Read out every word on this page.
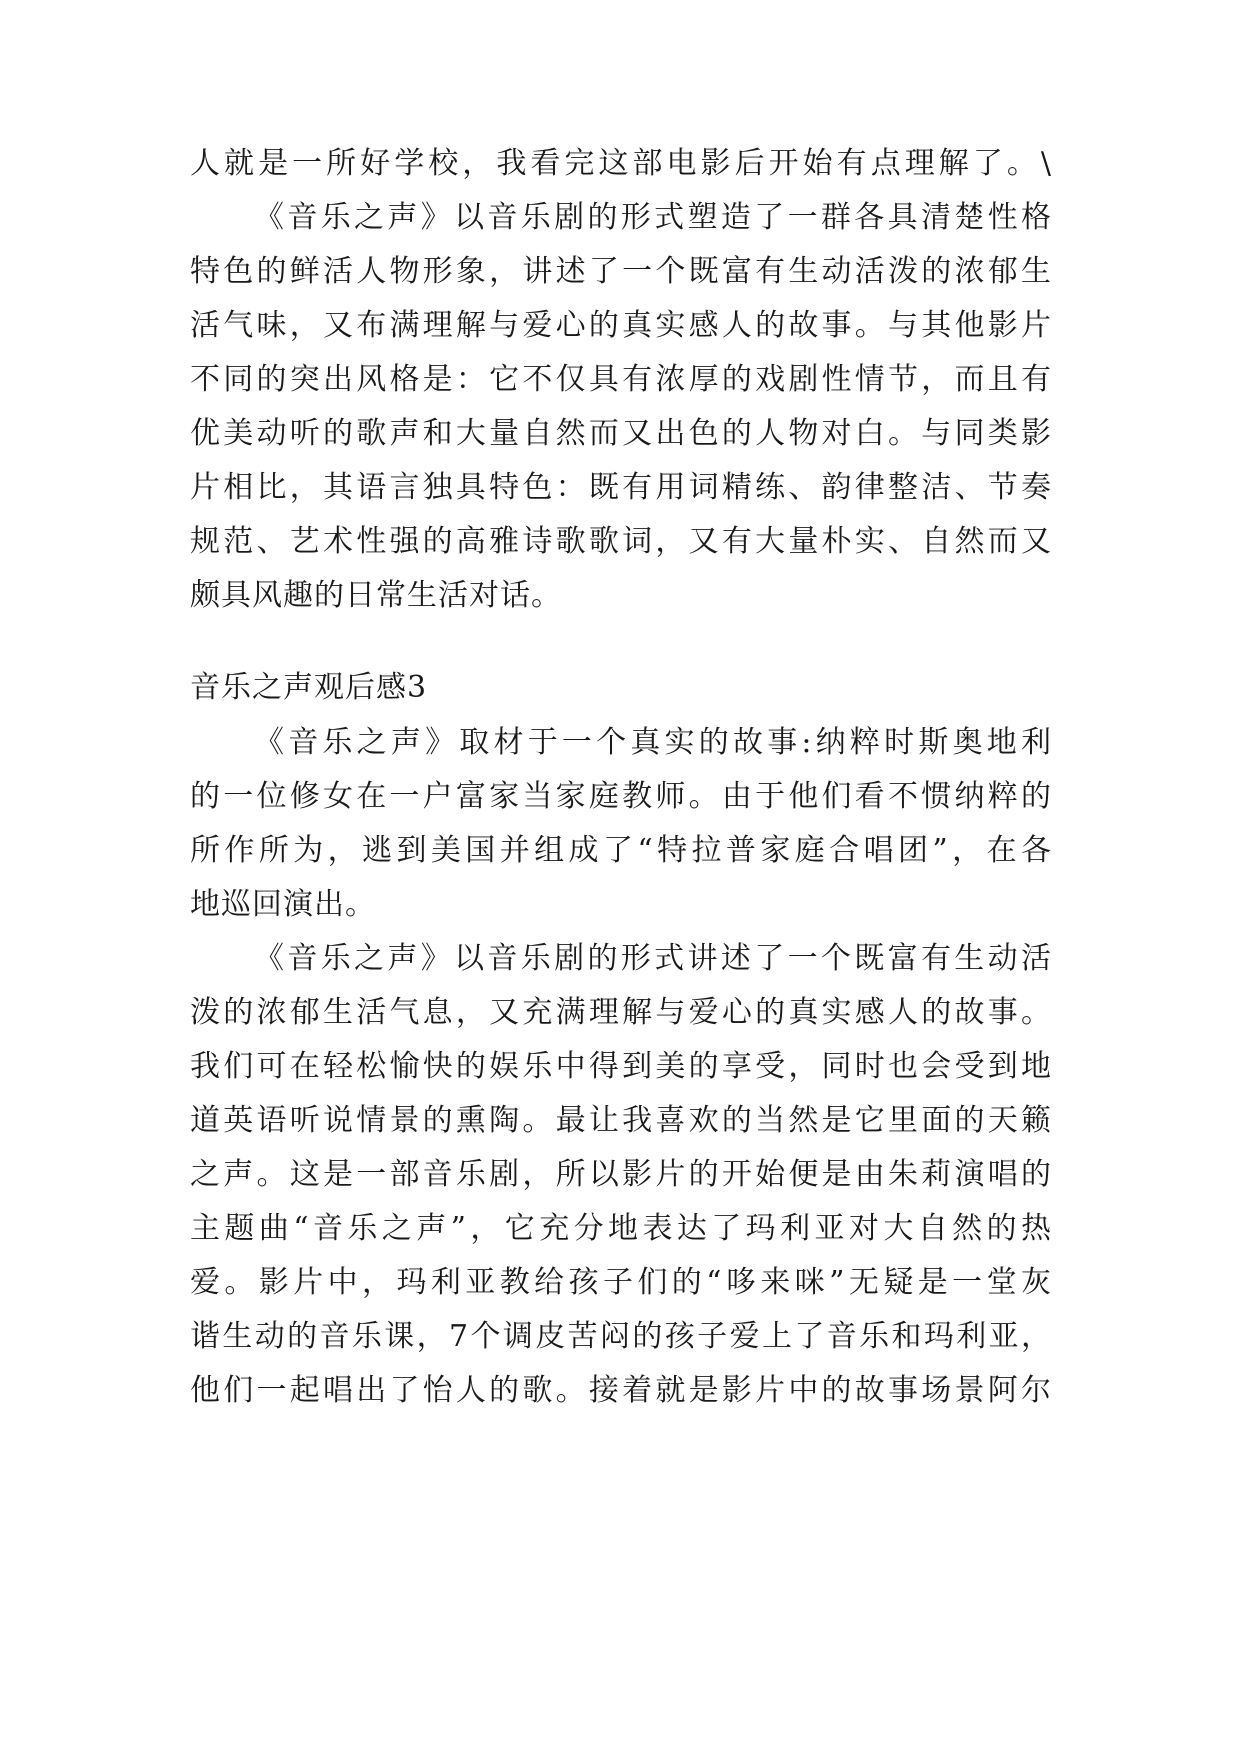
人就是一所好学校，我看完这部电影后开始有点理解了。\
《音乐之声》以音乐剧的形式塑造了一群各具清楚性格
特色的鲜活人物形象，讲述了一个既富有生动活泼的浓郁生
活气味，又布满理解与爱心的真实感人的故事。与其他影片
不同的突出风格是：它不仅具有浓厚的戏剧性情节，而且有
优美动听的歌声和大量自然而又出色的人物对白。与同类影
片相比，其语言独具特色：既有用词精练、韵律整洁、节奏
规范、艺术性强的高雅诗歌歌词，又有大量朴实、自然而又
颇具风趣的日常生活对话。
音乐之声观后感3
《音乐之声》取材于一个真实的故事:纳粹时斯奥地利
的一位修女在一户富家当家庭教师。由于他们看不惯纳粹的
所作所为，逃到美国并组成了“特拉普家庭合唱团”，在各
地巡回演出。
《音乐之声》以音乐剧的形式讲述了一个既富有生动活
泼的浓郁生活气息，又充满理解与爱心的真实感人的故事。
我们可在轻松愉快的娱乐中得到美的享受，同时也会受到地
道英语听说情景的熏陶。最让我喜欢的当然是它里面的天籁
之声。这是一部音乐剧，所以影片的开始便是由朱莉演唱的
主题曲“音乐之声”，它充分地表达了玛利亚对大自然的热
爱。影片中，玛利亚教给孩子们的“哆来咪”无疑是一堂灰
谐生动的音乐课，7个调皮苦闷的孩子爱上了音乐和玛利亚，
他们一起唱出了怡人的歌。接着就是影片中的故事场景阿尔
